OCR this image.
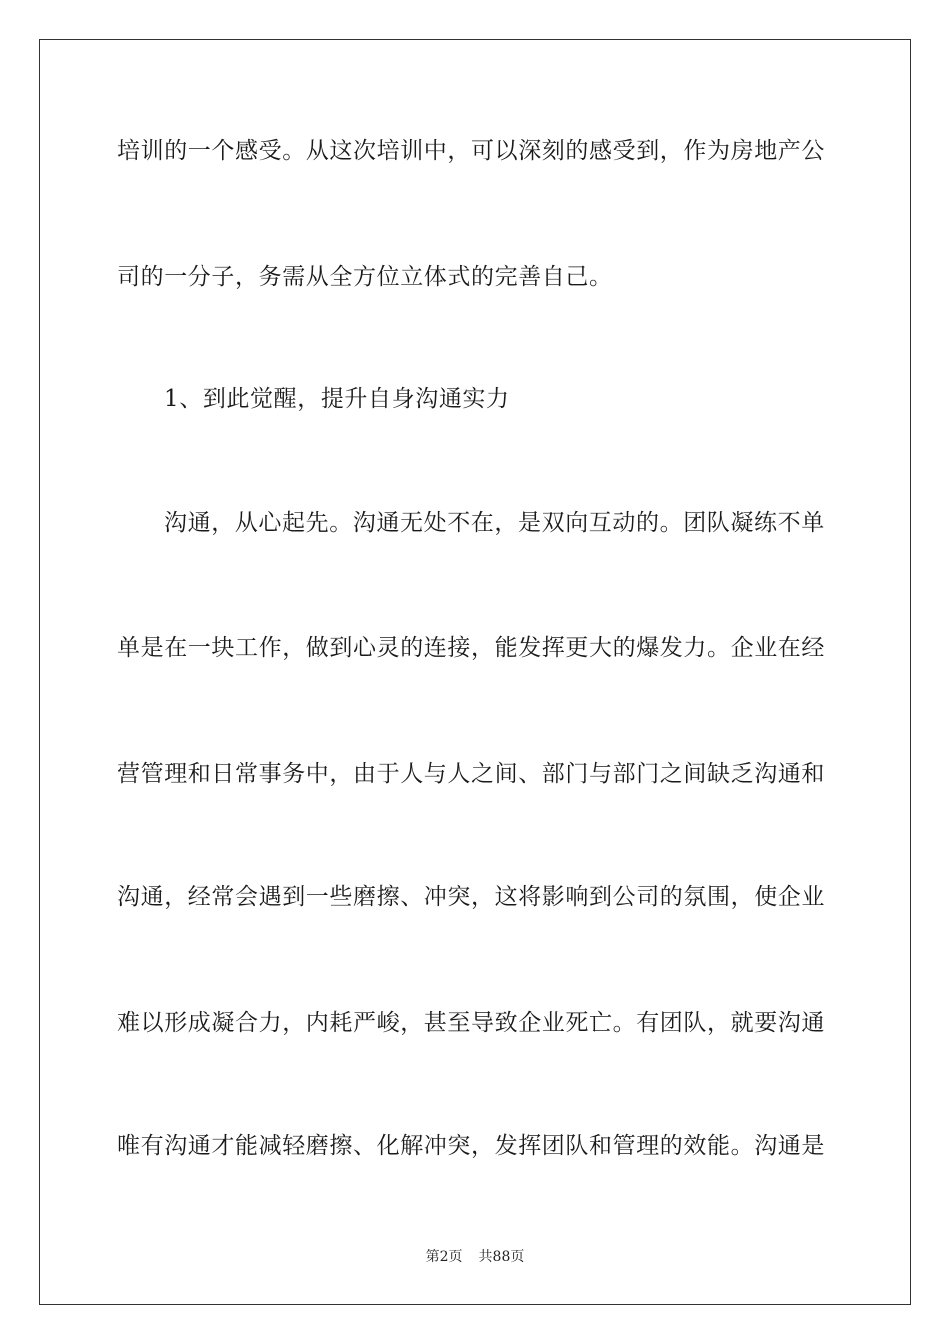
培训的一个感受。从这次培训中，可以深刻的感受到，作为房地产公
司的一分子，务需从全方位立体式的完善自己。
1、到此觉醒，提升自身沟通实力
沟通，从心起先。沟通无处不在，是双向互动的。团队凝练不单
单是在一块工作，做到心灵的连接，能发挥更大的爆发力。企业在经
营管理和日常事务中，由于人与人之间、部门与部门之间缺乏沟通和
沟通，经常会遇到一些磨擦、冲突，这将影响到公司的氛围，使企业
难以形成凝合力，内耗严峻，甚至导致企业死亡。有团队，就要沟通
唯有沟通才能减轻磨擦、化解冲突，发挥团队和管理的效能。沟通是
第2页 共88页
